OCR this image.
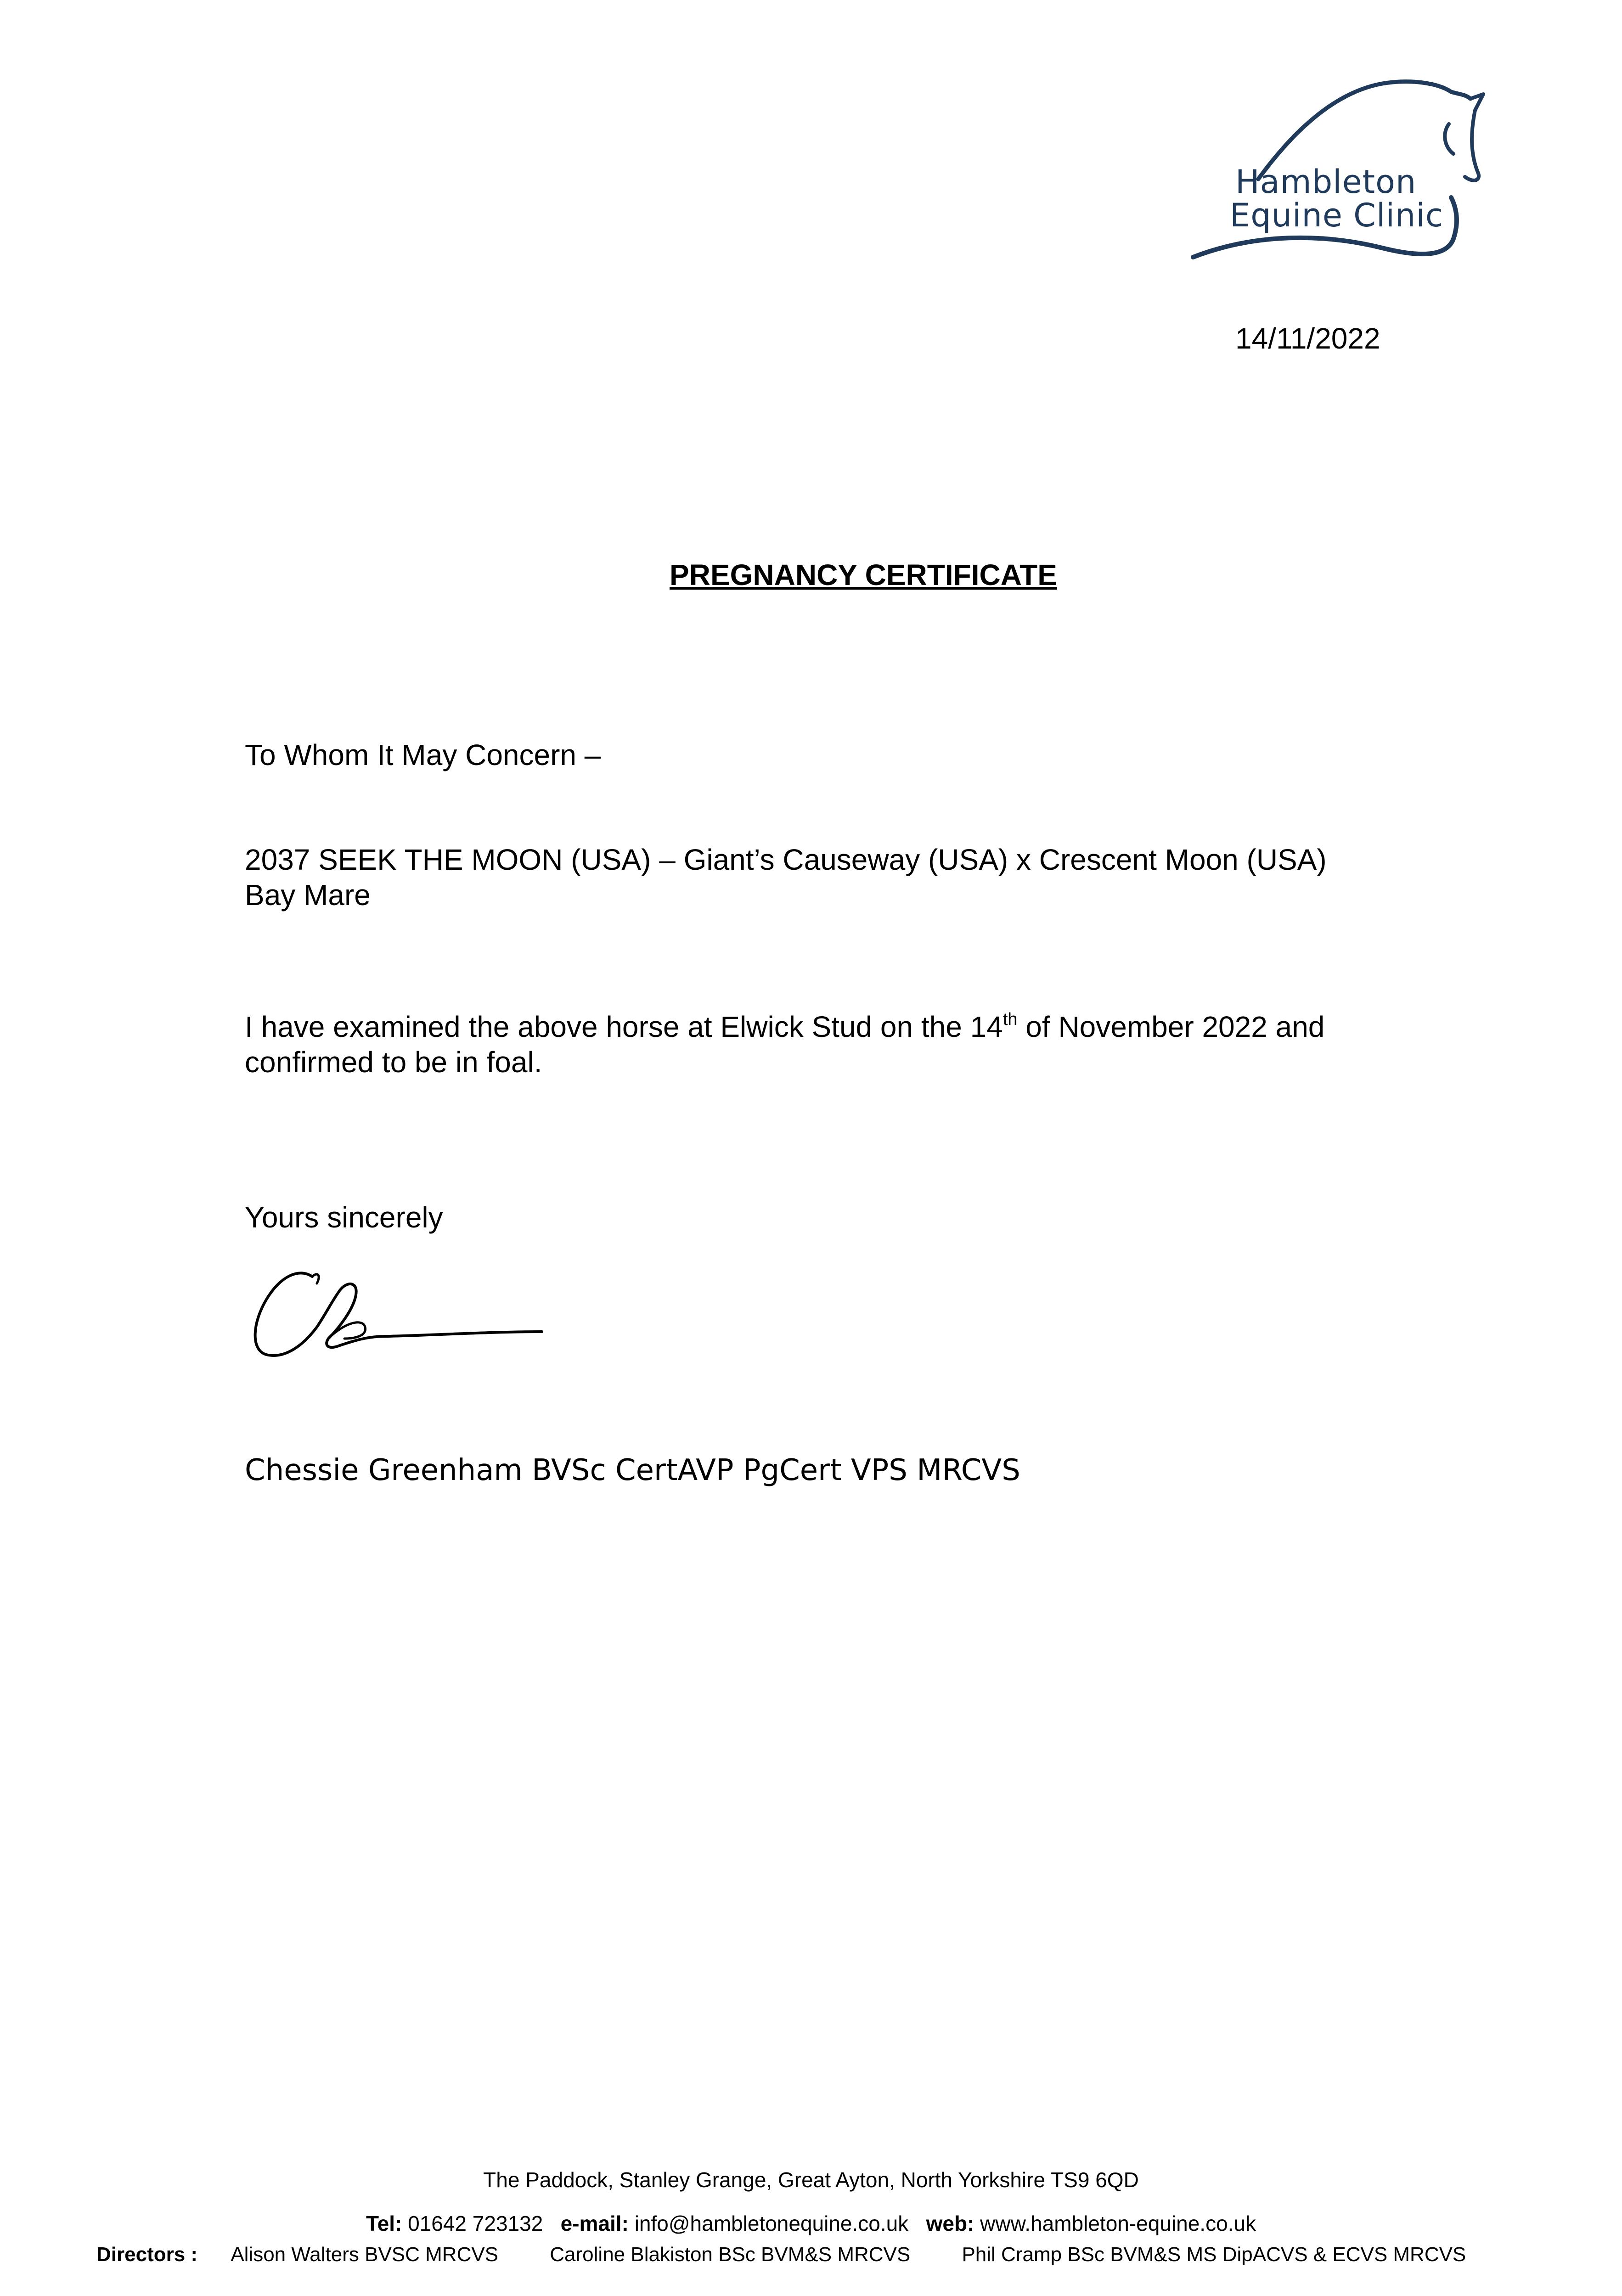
Hambleton
Equine Clinic
14/11/2022
PREGNANCY CERTIFICATE
To Whom It May Concern –
2037 SEEK THE MOON (USA) – Giant’s Causeway (USA) x Crescent Moon (USA)
Bay Mare
I have examined the above horse at Elwick Stud on the 14th of November 2022 and
confirmed to be in foal.
Yours sincerely
Chessie Greenham BVSc CertAVP PgCert VPS MRCVS
The Paddock, Stanley Grange, Great Ayton, North Yorkshire TS9 6QD
Tel: 01642 723132 e-mail: info@hambletonequine.co.uk web: www.hambleton-equine.co.uk
Directors : Alison Walters BVSC MRCVS	Caroline Blakiston BSc BVM&S MRCVS	Phil Cramp BSc BVM&S MS DipACVS & ECVS MRCVS
